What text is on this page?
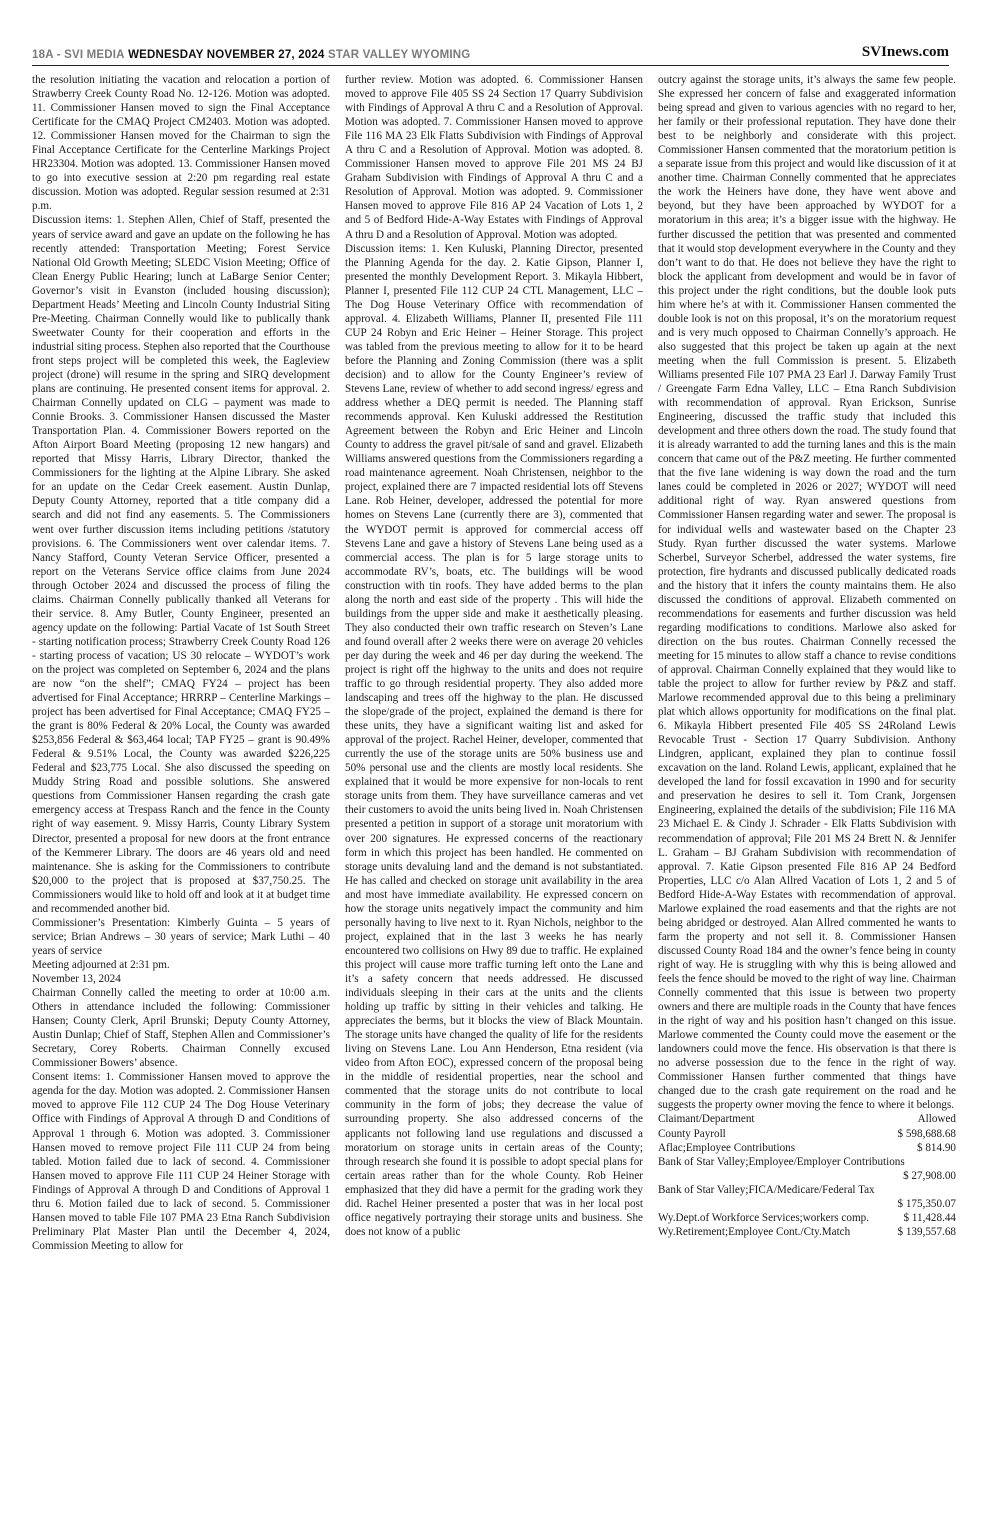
18A - SVI MEDIA WEDNESDAY NOVEMBER 27, 2024 STAR VALLEY WYOMING	SVInews.com

the resolution initiating the vacation and relocation a portion of Strawberry Creek County Road No. 12-126. Motion was adopted. 11. Commissioner Hansen moved to sign the Final Acceptance Certificate for the CMAQ Project CM2403. Motion was adopted. 12. Commissioner Hansen moved for the Chairman to sign the Final Acceptance Certificate for the Centerline Markings Project HR23304. Motion was adopted. 13. Commissioner Hansen moved to go into executive session at 2:20 pm regarding real estate discussion. Motion was adopted. Regular session resumed at 2:31 p.m.

Discussion items: 1. Stephen Allen, Chief of Staff, presented the years of service award and gave an update on the following he has recently attended: Transportation Meeting; Forest Service National Old Growth Meeting; SLEDC Vision Meeting; Office of Clean Energy Public Hearing; lunch at LaBarge Senior Center; Governor’s visit in Evanston (included housing discussion); Department Heads’ Meeting and Lincoln County Industrial Siting Pre-Meeting. Chairman Connelly would like to publically thank Sweetwater County for their cooperation and efforts in the industrial siting process. Stephen also reported that the Courthouse front steps project will be completed this week, the Eagleview project (drone) will resume in the spring and SIRQ development plans are continuing. He presented consent items for approval. 2. Chairman Connelly updated on CLG – payment was made to Connie Brooks. 3. Commissioner Hansen discussed the Master Transportation Plan. 4. Commissioner Bowers reported on the Afton Airport Board Meeting (proposing 12 new hangars) and reported that Missy Harris, Library Director, thanked the Commissioners for the lighting at the Alpine Library. She asked for an update on the Cedar Creek easement. Austin Dunlap, Deputy County Attorney, reported that a title company did a search and did not find any easements. 5. The Commissioners went over further discussion items including petitions /statutory provisions. 6. The Commissioners went over calendar items. 7. Nancy Stafford, County Veteran Service Officer, presented a report on the Veterans Service office claims from June 2024 through October 2024 and discussed the process of filing the claims. Chairman Connelly publically thanked all Veterans for their service. 8. Amy Butler, County Engineer, presented an agency update on the following: Partial Vacate of 1st South Street - starting notification process; Strawberry Creek County Road 126 - starting process of vacation; US 30 relocate – WYDOT’s work on the project was completed on September 6, 2024 and the plans are now “on the shelf”; CMAQ FY24 – project has been advertised for Final Acceptance; HRRRP – Centerline Markings – project has been advertised for Final Acceptance; CMAQ FY25 – the grant is 80% Federal & 20% Local, the County was awarded $253,856 Federal & $63,464 local; TAP FY25 – grant is 90.49% Federal & 9.51% Local, the County was awarded $226,225 Federal and $23,775 Local. She also discussed the speeding on Muddy String Road and possible solutions. She answered questions from Commissioner Hansen regarding the crash gate emergency access at Trespass Ranch and the fence in the County right of way easement. 9. Missy Harris, County Library System Director, presented a proposal for new doors at the front entrance of the Kemmerer Library. The doors are 46 years old and need maintenance. She is asking for the Commissioners to contribute $20,000 to the project that is proposed at $37,750.25. The Commissioners would like to hold off and look at it at budget time and recommended another bid.

Commissioner’s Presentation: Kimberly Guinta – 5 years of service; Brian Andrews – 30 years of service; Mark Luthi – 40 years of service

Meeting adjourned at 2:31 pm.

November 13, 2024

Chairman Connelly called the meeting to order at 10:00 a.m. Others in attendance included the following: Commissioner Hansen; County Clerk, April Brunski; Deputy County Attorney, Austin Dunlap; Chief of Staff, Stephen Allen and Commissioner’s Secretary, Corey Roberts. Chairman Connelly excused Commissioner Bowers’ absence.

Consent items: 1. Commissioner Hansen moved to approve the agenda for the day. Motion was adopted. 2. Commissioner Hansen moved to approve File 112 CUP 24 The Dog House Veterinary Office with Findings of Approval A through D and Conditions of Approval 1 through 6. Motion was adopted. 3. Commissioner Hansen moved to remove project File 111 CUP 24 from being tabled. Motion failed due to lack of second. 4. Commissioner Hansen moved to approve File 111 CUP 24 Heiner Storage with Findings of Approval A through D and Conditions of Approval 1 thru 6. Motion failed due to lack of second. 5. Commissioner Hansen moved to table File 107 PMA 23 Etna Ranch Subdivision Preliminary Plat Master Plan until the December 4, 2024, Commission Meeting to allow for

further review. Motion was adopted. 6. Commissioner Hansen moved to approve File 405 SS 24 Section 17 Quarry Subdivision with Findings of Approval A thru C and a Resolution of Approval. Motion was adopted. 7. Commissioner Hansen moved to approve File 116 MA 23 Elk Flatts Subdivision with Findings of Approval A thru C and a Resolution of Approval. Motion was adopted. 8. Commissioner Hansen moved to approve File 201 MS 24 BJ Graham Subdivision with Findings of Approval A thru C and a Resolution of Approval. Motion was adopted. 9. Commissioner Hansen moved to approve File 816 AP 24 Vacation of Lots 1, 2 and 5 of Bedford Hide-A-Way Estates with Findings of Approval A thru D and a Resolution of Approval. Motion was adopted.

Discussion items: 1. Ken Kuluski, Planning Director, presented the Planning Agenda for the day. 2. Katie Gipson, Planner I, presented the monthly Development Report. 3. Mikayla Hibbert, Planner I, presented File 112 CUP 24 CTL Management, LLC – The Dog House Veterinary Office with recommendation of approval. 4. Elizabeth Williams, Planner II, presented File 111 CUP 24 Robyn and Eric Heiner – Heiner Storage. This project was tabled from the previous meeting to allow for it to be heard before the Planning and Zoning Commission (there was a split decision) and to allow for the County Engineer’s review of Stevens Lane, review of whether to add second ingress/ egress and address whether a DEQ permit is needed. The Planning staff recommends approval. Ken Kuluski addressed the Restitution Agreement between the Robyn and Eric Heiner and Lincoln County to address the gravel pit/sale of sand and gravel. Elizabeth Williams answered questions from the Commissioners regarding a road maintenance agreement. Noah Christensen, neighbor to the project, explained there are 7 impacted residential lots off Stevens Lane. Rob Heiner, developer, addressed the potential for more homes on Stevens Lane (currently there are 3), commented that the WYDOT permit is approved for commercial access off Stevens Lane and gave a history of Stevens Lane being used as a commercial access. The plan is for 5 large storage units to accommodate RV’s, boats, etc. The buildings will be wood construction with tin roofs. They have added berms to the plan along the north and east side of the property . This will hide the buildings from the upper side and make it aesthetically pleasing. They also conducted their own traffic research on Steven’s Lane and found overall after 2 weeks there were on average 20 vehicles per day during the week and 46 per day during the weekend. The project is right off the highway to the units and does not require traffic to go through residential property. They also added more landscaping and trees off the highway to the plan. He discussed the slope/grade of the project, explained the demand is there for these units, they have a significant waiting list and asked for approval of the project. Rachel Heiner, developer, commented that currently the use of the storage units are 50% business use and 50% personal use and the clients are mostly local residents. She explained that it would be more expensive for non-locals to rent storage units from them. They have surveillance cameras and vet their customers to avoid the units being lived in. Noah Christensen presented a petition in support of a storage unit moratorium with over 200 signatures. He expressed concerns of the reactionary form in which this project has been handled. He commented on storage units devaluing land and the demand is not substantiated. He has called and checked on storage unit availability in the area and most have immediate availability. He expressed concern on how the storage units negatively impact the community and him personally having to live next to it. Ryan Nichols, neighbor to the project, explained that in the last 3 weeks he has nearly encountered two collisions on Hwy 89 due to traffic. He explained this project will cause more traffic turning left onto the Lane and it’s a safety concern that needs addressed. He discussed individuals sleeping in their cars at the units and the clients holding up traffic by sitting in their vehicles and talking. He appreciates the berms, but it blocks the view of Black Mountain. The storage units have changed the quality of life for the residents living on Stevens Lane. Lou Ann Henderson, Etna resident (via video from Afton EOC), expressed concern of the proposal being in the middle of residential properties, near the school and commented that the storage units do not contribute to local community in the form of jobs; they decrease the value of surrounding property. She also addressed concerns of the applicants not following land use regulations and discussed a moratorium on storage units in certain areas of the County; through research she found it is possible to adopt special plans for certain areas rather than for the whole County. Rob Heiner emphasized that they did have a permit for the grading work they did. Rachel Heiner presented a poster that was in her local post office negatively portraying their storage units and business. She does not know of a public

outcry against the storage units, it’s always the same few people. She expressed her concern of false and exaggerated information being spread and given to various agencies with no regard to her, her family or their professional reputation. They have done their best to be neighborly and considerate with this project. Commissioner Hansen commented that the moratorium petition is a separate issue from this project and would like discussion of it at another time. Chairman Connelly commented that he appreciates the work the Heiners have done, they have went above and beyond, but they have been approached by WYDOT for a moratorium in this area; it’s a bigger issue with the highway. He further discussed the petition that was presented and commented that it would stop development everywhere in the County and they don’t want to do that. He does not believe they have the right to block the applicant from development and would be in favor of this project under the right conditions, but the double look puts him where he’s at with it. Commissioner Hansen commented the double look is not on this proposal, it’s on the moratorium request and is very much opposed to Chairman Connelly’s approach. He also suggested that this project be taken up again at the next meeting when the full Commission is present. 5. Elizabeth Williams presented File 107 PMA 23 Earl J. Darway Family Trust / Greengate Farm Edna Valley, LLC – Etna Ranch Subdivision with recommendation of approval. Ryan Erickson, Sunrise Engineering, discussed the traffic study that included this development and three others down the road. The study found that it is already warranted to add the turning lanes and this is the main concern that came out of the P&Z meeting. He further commented that the five lane widening is way down the road and the turn lanes could be completed in 2026 or 2027; WYDOT will need additional right of way. Ryan answered questions from Commissioner Hansen regarding water and sewer. The proposal is for individual wells and wastewater based on the Chapter 23 Study. Ryan further discussed the water systems. Marlowe Scherbel, Surveyor Scherbel, addressed the water systems, fire protection, fire hydrants and discussed publically dedicated roads and the history that it infers the county maintains them. He also discussed the conditions of approval. Elizabeth commented on recommendations for easements and further discussion was held regarding modifications to conditions. Marlowe also asked for direction on the bus routes. Chairman Connelly recessed the meeting for 15 minutes to allow staff a chance to revise conditions of approval. Chairman Connelly explained that they would like to table the project to allow for further review by P&Z and staff. Marlowe recommended approval due to this being a preliminary plat which allows opportunity for modifications on the final plat. 6. Mikayla Hibbert presented File 405 SS 24Roland Lewis Revocable Trust - Section 17 Quarry Subdivision. Anthony Lindgren, applicant, explained they plan to continue fossil excavation on the land. Roland Lewis, applicant, explained that he developed the land for fossil excavation in 1990 and for security and preservation he desires to sell it. Tom Crank, Jorgensen Engineering, explained the details of the subdivision; File 116 MA 23 Michael E. & Cindy J. Schrader - Elk Flatts Subdivision with recommendation of approval; File 201 MS 24 Brett N. & Jennifer L. Graham – BJ Graham Subdivision with recommendation of approval. 7. Katie Gipson presented File 816 AP 24 Bedford Properties, LLC c/o Alan Allred Vacation of Lots 1, 2 and 5 of Bedford Hide-A-Way Estates with recommendation of approval. Marlowe explained the road easements and that the rights are not being abridged or destroyed. Alan Allred commented he wants to farm the property and not sell it. 8. Commissioner Hansen discussed County Road 184 and the owner’s fence being in county right of way. He is struggling with why this is being allowed and feels the fence should be moved to the right of way line. Chairman Connelly commented that this issue is between two property owners and there are multiple roads in the County that have fences in the right of way and his position hasn’t changed on this issue. Marlowe commented the County could move the easement or the landowners could move the fence. His observation is that there is no adverse possession due to the fence in the right of way. Commissioner Hansen further commented that things have changed due to the crash gate requirement on the road and he suggests the property owner moving the fence to where it belongs.

Claimant/Department	Allowed
County Payroll	$ 598,688.68
Aflac;Employee Contributions	$ 814.90
Bank of Star Valley;Employee/Employer Contributions
$ 27,908.00
Bank of Star Valley;FICA/Medicare/Federal Tax
$ 175,350.07
Wy.Dept.of Workforce Services;workers comp.	$ 11,428.44
Wy.Retirement;Employee Cont./Cty.Match	$ 139,557.68
